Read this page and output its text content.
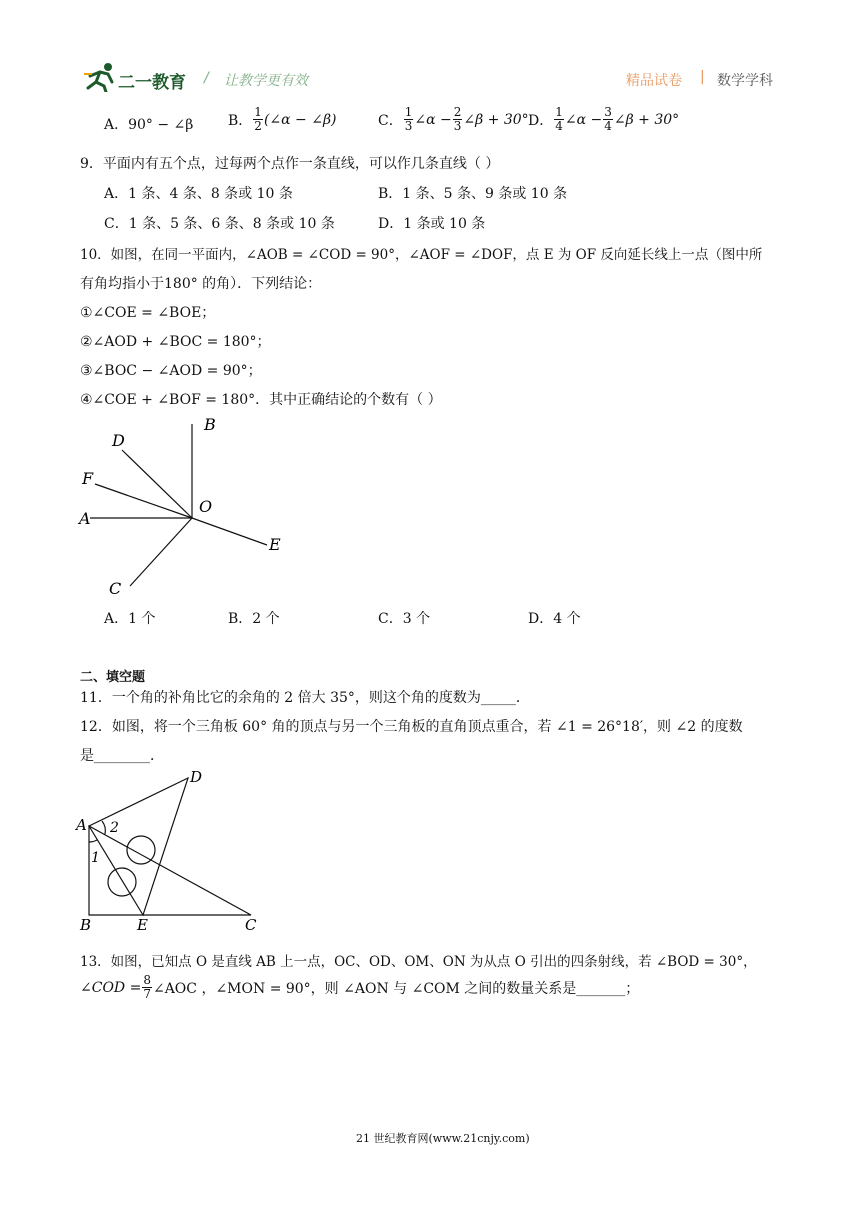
二一教育 / 让教学更有效	精品试卷 | 数学学科
A．90° − ∠β B． $\frac{1}{2}$ (∠α − ∠β)	C． $\frac{1}{3}$ ∠α − $\frac{2}{3}$ ∠β + 30° D． $\frac{1}{4}$ ∠α − $\frac{3}{4}$ ∠β + 30°
9．平面内有五个点，过每两个点作一条直线，可以作几条直线（ ）
A．1 条、4 条、8 条或 10 条	B．1 条、5 条、9 条或 10 条
C．1 条、5 条、6 条、8 条或 10 条	D．1 条或 10 条
10．如图，在同一平面内，∠AOB = ∠COD = 90°，∠AOF = ∠DOF，点 E 为 OF 反向延长线上一点（图中所
有角均指小于180° 的角）．下列结论：
①∠COE = ∠BOE；
②∠AOD + ∠BOC = 180°；
③∠BOC − ∠AOD = 90°；
④∠COE + ∠BOF = 180°．其中正确结论的个数有（ ）
B
D
F
A
O
E
C
A．1 个	B．2 个	C．3 个	D．4 个
二、填空题
11．一个角的补角比它的余角的 2 倍大 35°，则这个角的度数为_____．
12．如图，将一个三角板 60° 角的顶点与另一个三角板的直角顶点重合，若 ∠1 = 26°18′，则 ∠2 的度数
是________．
A
D
B	E	C
1
2
13．如图，已知点 O 是直线 AB 上一点，OC、OD、OM、ON 为从点 O 引出的四条射线，若 ∠BOD = 30°，
∠COD = $\frac{8}{7}$ ∠AOC ，∠MON = 90°，则 ∠AON 与 ∠COM 之间的数量关系是_______；
21 世纪教育网(www.21cnjy.com)
